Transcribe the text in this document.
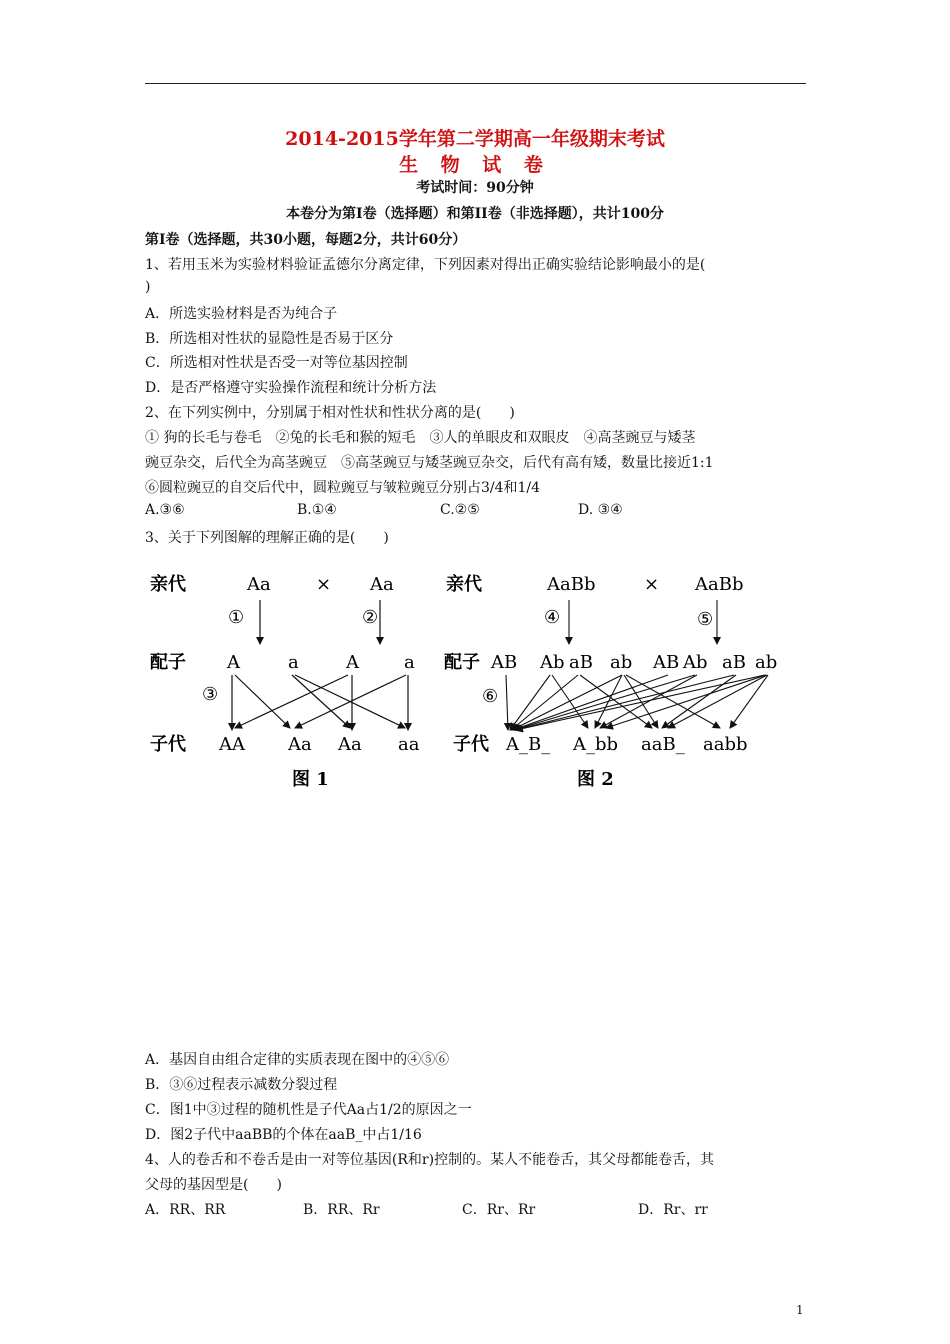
2014-2015学年第二学期高一年级期末考试
生 物 试 卷
考试时间：90分钟
本卷分为第Ⅰ卷（选择题）和第II卷（非选择题），共计100分
第Ⅰ卷（选择题，共30小题，每题2分，共计60分）
1、若用玉米为实验材料验证孟德尔分离定律，下列因素对得出正确实验结论影响最小的是(
)
A．所选实验材料是否为纯合子
B．所选相对性状的显隐性是否易于区分
C．所选相对性状是否受一对等位基因控制
D．是否严格遵守实验操作流程和统计分析方法
2、在下列实例中，分别属于相对性状和性状分离的是(　　)
① 狗的长毛与卷毛　②兔的长毛和猴的短毛　③人的单眼皮和双眼皮　④高茎豌豆与矮茎
豌豆杂交，后代全为高茎豌豆　⑤高茎豌豆与矮茎豌豆杂交，后代有高有矮，数量比接近1:1
⑥圆粒豌豆的自交后代中，圆粒豌豆与皱粒豌豆分别占3/4和1/4
A.③⑥	B.①④	C.②⑤	D. ③④
3、关于下列图解的理解正确的是(　　)
亲代	Aa	× Aa
①	②
配子 A	a	A	a
③
子代 AA Aa Aa aa
图 1
亲代	AaBb	× AaBb
④	⑤
配子 AB Ab aB ab AB Ab aB ab
⑥
子代 A_B_ A_bb aaB_ aabb
图 2
A．基因自由组合定律的实质表现在图中的④⑤⑥
B．③⑥过程表示减数分裂过程
C．图1中③过程的随机性是子代Aa占1/2的原因之一
D．图2子代中aaBB的个体在aaB_中占1/16
4、人的卷舌和不卷舌是由一对等位基因(R和r)控制的。某人不能卷舌，其父母都能卷舌，其
父母的基因型是(　　)
A．RR、RR	B．RR、Rr	C．Rr、Rr	D．Rr、rr
1
